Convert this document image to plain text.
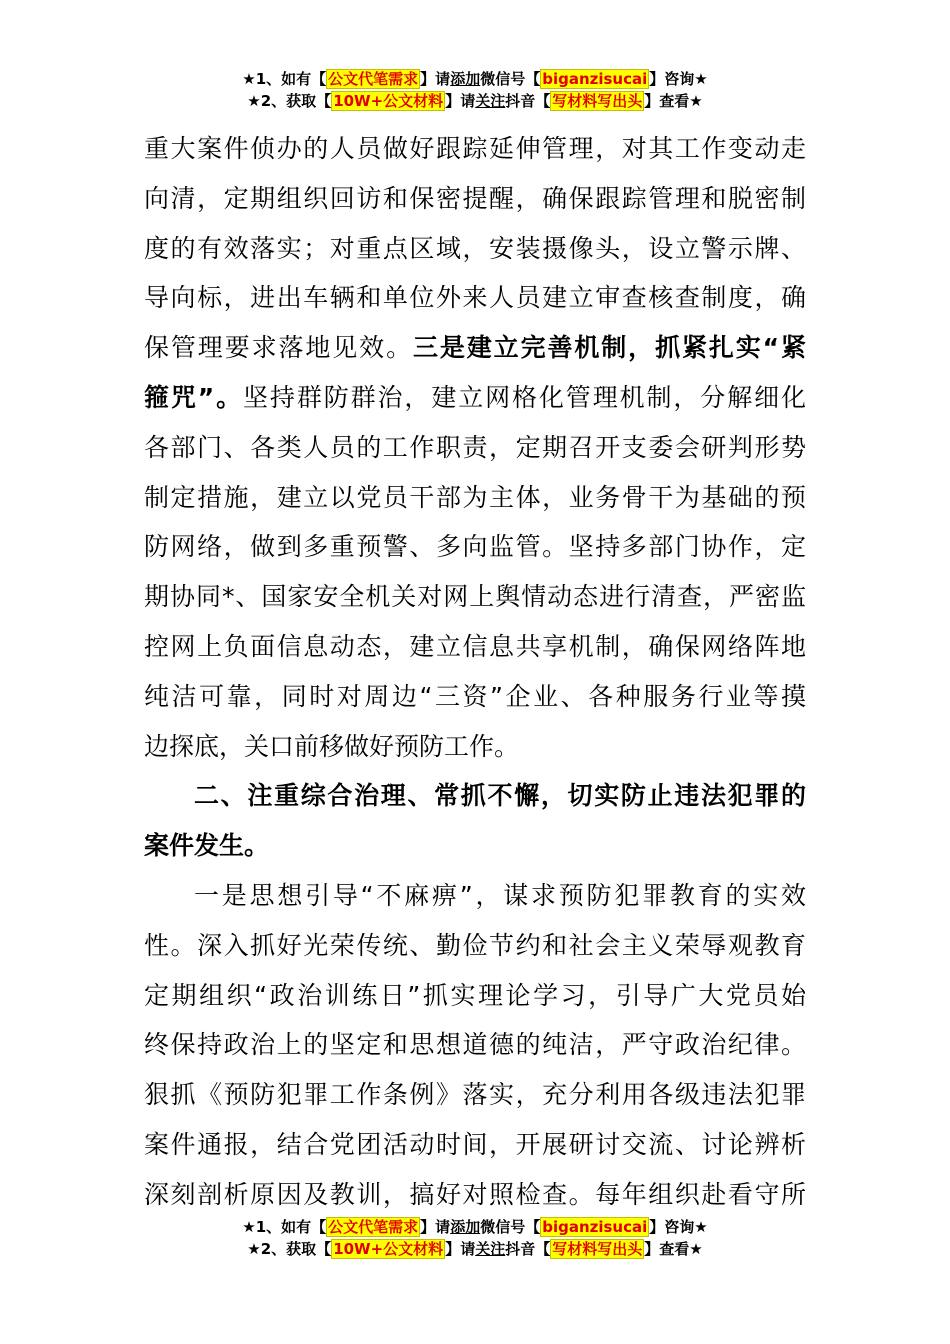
★1、如有【 公文代笔需求 】请添加微信号【 biganzisucai 】咨询★
★2、获取【 10W+公文材料 】请关注抖音【 写材料写出头 】查看★
重大案件侦办的人员做好跟踪延伸管理，对其工作变动走
向清，定期组织回访和保密提醒，确保跟踪管理和脱密制
度的有效落实；对重点区域，安装摄像头，设立警示牌、
导向标，进出车辆和单位外来人员建立审查核查制度，确
保管理要求落地见效。三是建立完善机制，抓紧扎实“紧
箍咒”。坚持群防群治，建立网格化管理机制，分解细化
各部门、各类人员的工作职责，定期召开支委会研判形势
制定措施，建立以党员干部为主体，业务骨干为基础的预
防网络，做到多重预警、多向监管。坚持多部门协作，定
期协同*、国家安全机关对网上舆情动态进行清查，严密监
控网上负面信息动态，建立信息共享机制，确保网络阵地
纯洁可靠，同时对周边“三资”企业、各种服务行业等摸
边探底，关口前移做好预防工作。
二、注重综合治理、常抓不懈，切实防止违法犯罪的
案件发生。
一是思想引导“不麻痹”，谋求预防犯罪教育的实效
性。深入抓好光荣传统、勤俭节约和社会主义荣辱观教育
定期组织“政治训练日”抓实理论学习，引导广大党员始
终保持政治上的坚定和思想道德的纯洁，严守政治纪律。
狠抓《预防犯罪工作条例》落实，充分利用各级违法犯罪
案件通报，结合党团活动时间，开展研讨交流、讨论辨析
深刻剖析原因及教训，搞好对照检查。每年组织赴看守所
★1、如有【 公文代笔需求 】请添加微信号【 biganzisucai 】咨询★
★2、获取【 10W+公文材料 】请关注抖音【 写材料写出头 】查看★
